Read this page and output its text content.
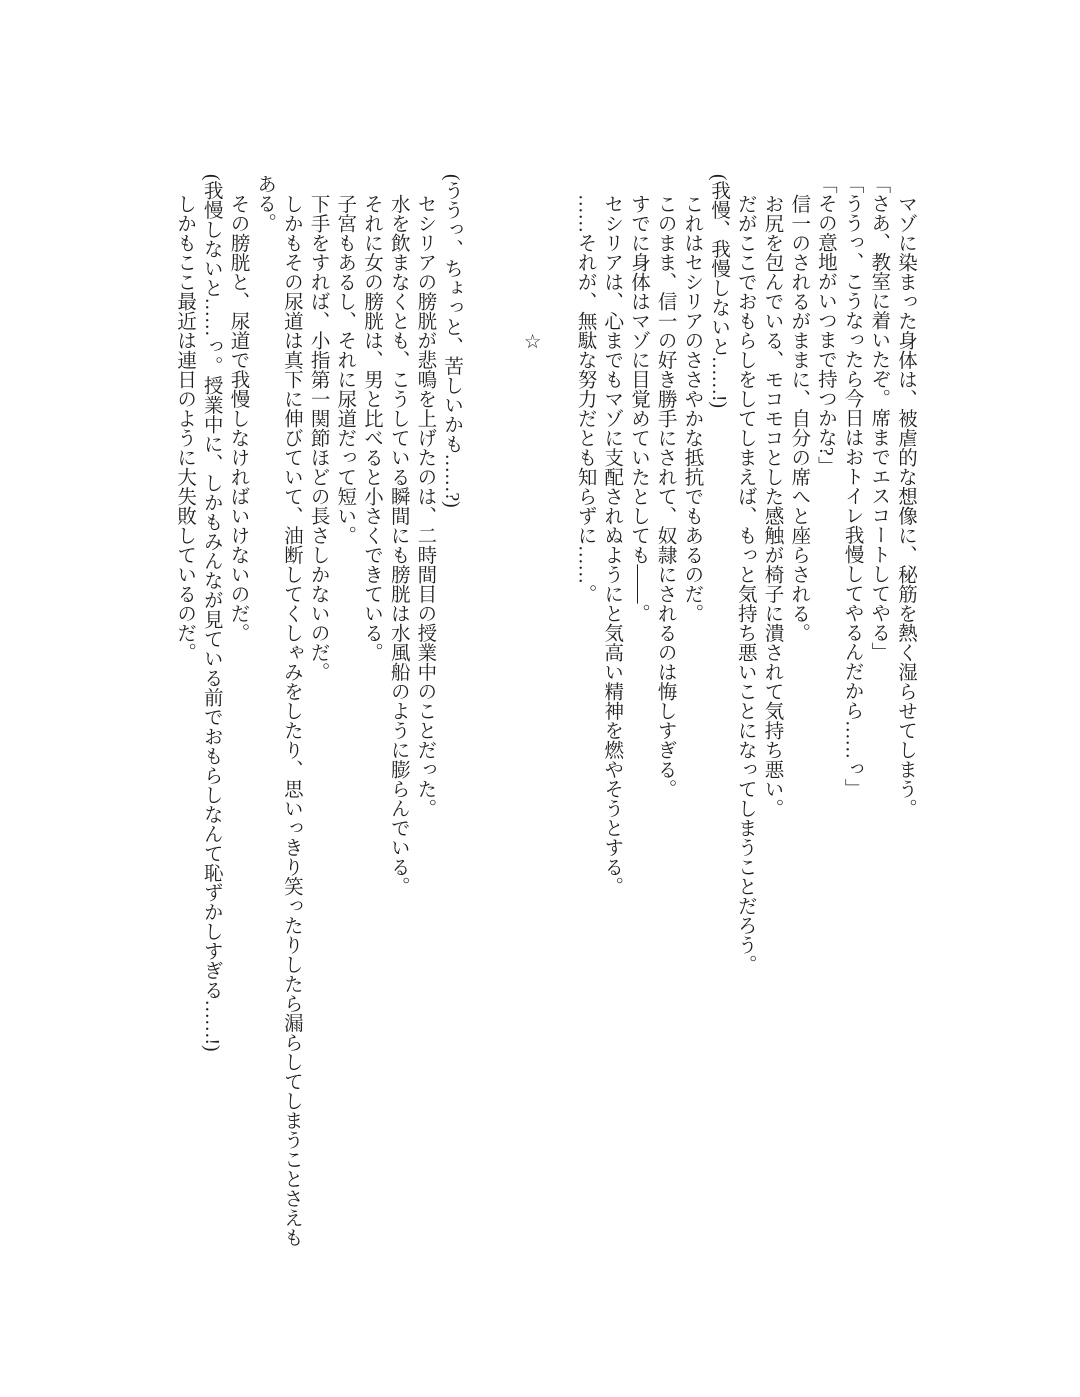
マゾに染まった身体は、被虐的な想像に、秘筋を熱く湿らせてしまう。

「さあ、教室に着いたぞ。席までエスコートしてやる」

「ううっ、こうなったら今日はおトイレ我慢してやるんだから……っ」

「その意地がいつまで持つかな?」

信一のされるがままに、自分の席へと座らされる。

お尻を包んでいる、モコモコとした感触が椅子に潰されて気持ち悪い。

だがここでおもらしをしてしまえば、もっと気持ち悪いことになってしまうことだろう。

(我慢、我慢しないと……!)

これはセシリアのささやかな抵抗でもあるのだ。

このまま、信一の好き勝手にされて、奴隷にされるのは悔しすぎる。

すでに身体はマゾに目覚めていたとしても――。

セシリアは、心までもマゾに支配されぬようにと気高い精神を燃やそうとする。

……それが、無駄な努力だとも知らずに……。

☆

(ううっ、ちょっと、苦しいかも……?)

セシリアの膀胱が悲鳴を上げたのは、二時間目の授業中のことだった。

水を飲まなくとも、こうしている瞬間にも膀胱は水風船のように膨らんでいる。

それに女の膀胱は、男と比べると小さくできている。

子宮もあるし、それに尿道だって短い。

下手をすれば、小指第一関節ほどの長さしかないのだ。

しかもその尿道は真下に伸びていて、油断してくしゃみをしたり、思いっきり笑ったりしたら漏らしてしまうことさえもある。

その膀胱と、尿道で我慢しなければいけないのだ。

(我慢しないと……っ。授業中に、しかもみんなが見ている前でおもらしなんて恥ずかしすぎる……!)

しかもここ最近は連日のように大失敗しているのだ。
